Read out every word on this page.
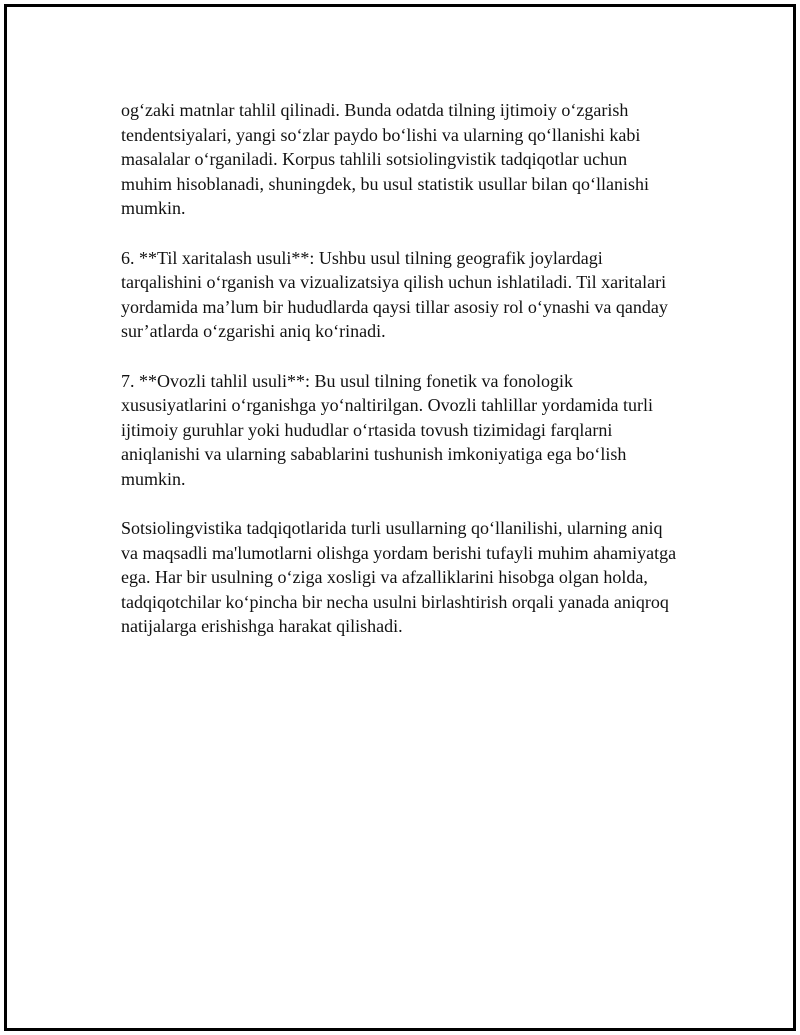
og‘zaki matnlar tahlil qilinadi. Bunda odatda tilning ijtimoiy o‘zgarish
tendentsiyalari, yangi so‘zlar paydo bo‘lishi va ularning qo‘llanishi kabi
masalalar o‘rganiladi. Korpus tahlili sotsiolingvistik tadqiqotlar uchun
muhim hisoblanadi, shuningdek, bu usul statistik usullar bilan qo‘llanishi
mumkin.

6. **Til xaritalash usuli**: Ushbu usul tilning geografik joylardagi
tarqalishini o‘rganish va vizualizatsiya qilish uchun ishlatiladi. Til xaritalari
yordamida ma’lum bir hududlarda qaysi tillar asosiy rol o‘ynashi va qanday
sur’atlarda o‘zgarishi aniq ko‘rinadi.

7. **Ovozli tahlil usuli**: Bu usul tilning fonetik va fonologik
xususiyatlarini o‘rganishga yo‘naltirilgan. Ovozli tahlillar yordamida turli
ijtimoiy guruhlar yoki hududlar o‘rtasida tovush tizimidagi farqlarni
aniqlanishi va ularning sabablarini tushunish imkoniyatiga ega bo‘lish
mumkin.

Sotsiolingvistika tadqiqotlarida turli usullarning qo‘llanilishi, ularning aniq
va maqsadli ma'lumotlarni olishga yordam berishi tufayli muhim ahamiyatga
ega. Har bir usulning o‘ziga xosligi va afzalliklarini hisobga olgan holda,
tadqiqotchilar ko‘pincha bir necha usulni birlashtirish orqali yanada aniqroq
natijalarga erishishga harakat qilishadi.
